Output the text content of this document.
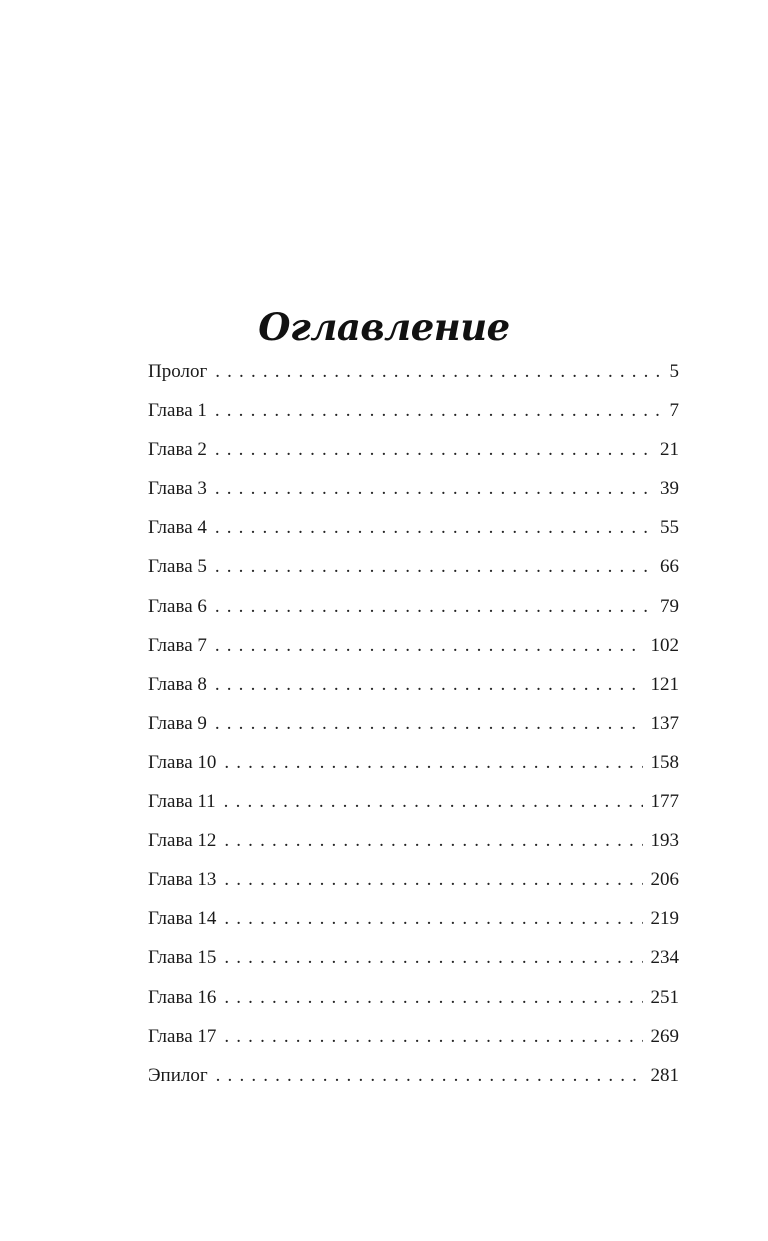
Оглавление
Пролог . . .	5
Глава 1 . . .	7
Глава 2 . . .	21
Глава 3 . . .	39
Глава 4 . . .	55
Глава 5 . . .	66
Глава 6 . . .	79
Глава 7 . . .	102
Глава 8 . . .	121
Глава 9 . . .	137
Глава 10 . . .	158
Глава 11 . . .	177
Глава 12 . . .	193
Глава 13 . . .	206
Глава 14 . . .	219
Глава 15 . . .	234
Глава 16 . . .	251
Глава 17 . . .	269
Эпилог . . .	281
